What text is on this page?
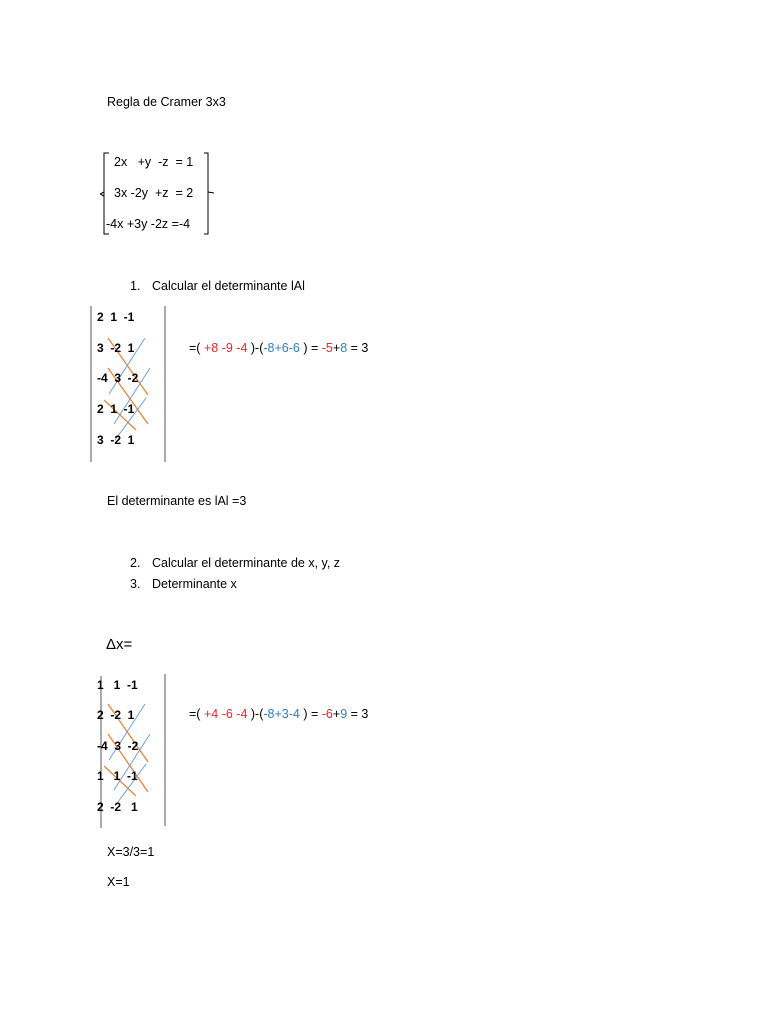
Regla de Cramer 3x3
2x   +y  -z  = 1
3x -2y  +z  = 2
-4x +3y -2z =-4
1. Calcular el determinante lAl
2  1  -1
3  -2  1
-4  3  -2
2  1  -1
3  -2  1
=( +8 -9 -4 )-(-8+6-6 ) = -5+8 = 3
El determinante es lAl =3
2. Calcular el determinante de x, y, z
3. Determinante x
Δx=
1   1  -1
2  -2  1
-4  3  -2
1   1  -1
2  -2   1
=( +4 -6 -4 )-(-8+3-4 ) = -6+9 = 3
X=3/3=1
X=1
